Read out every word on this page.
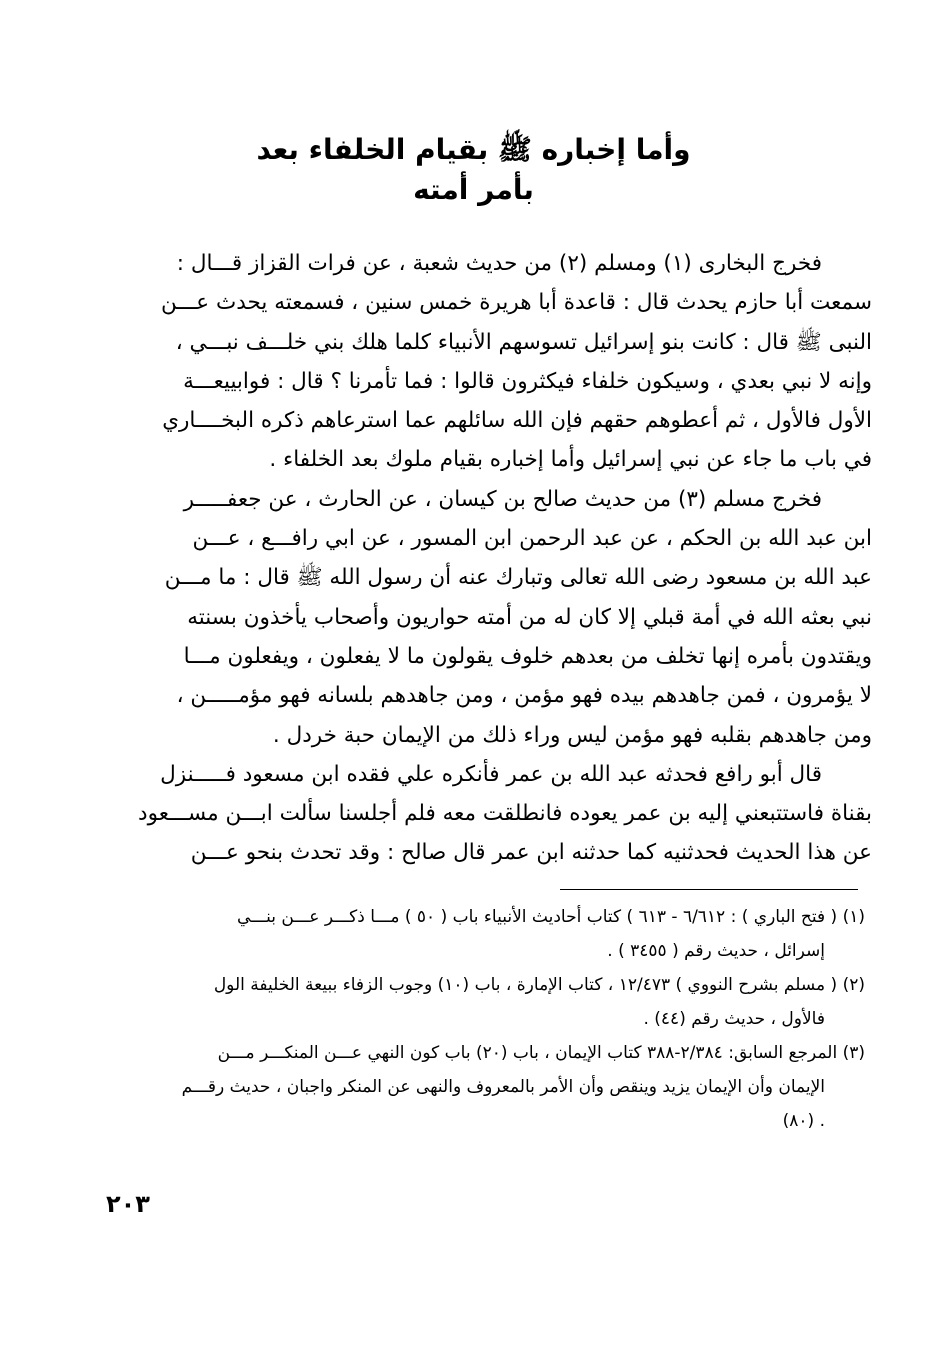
وأما إخباره ﷺ بقيام الخلفاء بعد
بأمر أمته
فخرج البخارى (١) ومسلم (٢) من حديث شعبة ، عن فرات القزاز قـــال :
سمعت أبا حازم يحدث قال : قاعدة أبا هريرة خمس سنين ، فسمعته يحدث عـــن
النبى ﷺ قال : كانت بنو إسرائيل تسوسهم الأنبياء كلما هلك بني خلـــف نبـــي ،
وإنه لا نبي بعدي ، وسيكون خلفاء فيكثرون قالوا : فما تأمرنا ؟ قال : فوابييعـــة
الأول فالأول ، ثم أعطوهم حقهم فإن الله سائلهم عما استرعاهم ذكره البخــــاري
في باب ما جاء عن نبي إسرائيل وأما إخباره بقيام ملوك بعد الخلفاء .
فخرج مسلم (٣) من حديث صالح بن كيسان ، عن الحارث ، عن جعفـــــر
ابن عبد الله بن الحكم ، عن عبد الرحمن ابن المسور ، عن ابي رافـــع ، عـــن
عبد الله بن مسعود رضى الله تعالى وتبارك عنه أن رسول الله ﷺ قال : ما مـــن
نبي بعثه الله في أمة قبلي إلا كان له من أمته حواريون وأصحاب يأخذون بسنته
ويقتدون بأمره إنها تخلف من بعدهم خلوف يقولون ما لا يفعلون ، ويفعلون مـــا
لا يؤمرون ، فمن جاهدهم بيده فهو مؤمن ، ومن جاهدهم بلسانه فهو مؤمـــــن ،
ومن جاهدهم بقلبه فهو مؤمن ليس وراء ذلك من الإيمان حبة خردل .
قال أبو رافع فحدثه عبد الله بن عمر فأنكره علي فقده ابن مسعود فـــــنزل
بقناة فاستتبعني إليه بن عمر يعوده فانطلقت معه فلم أجلسنا سألت ابـــن مســـعود
عن هذا الحديث فحدثنيه كما حدثنه ابن عمر قال صالح : وقد تحدث بنحو عـــن
(١) ( فتح الباري ) : ٦/٦١٢ - ٦١٣ ) كتاب أحاديث الأنبياء باب ( ٥٠ ) مـــا ذكـــر عـــن بنـــي
إسرائل ، حديث رقم ( ٣٤٥٥ ) .
(٢) ( مسلم بشرح النووي ) ١٢/٤٧٣ ، كتاب الإمارة ، باب (١٠) وجوب الزفاء ببيعة الخليفة الول
فالأول ، حديث رقم (٤٤) .
(٣) المرجع السابق: ٢/٣٨٤-٣٨٨ كتاب الإيمان ، باب (٢٠) باب كون النهي عـــن المنكـــر مـــن
الإيمان وأن الإيمان يزيد وينقص وأن الأمر بالمعروف والنهى عن المنكر واجبان ، حديث رقـــم
. (٨٠)
٢٠٣
